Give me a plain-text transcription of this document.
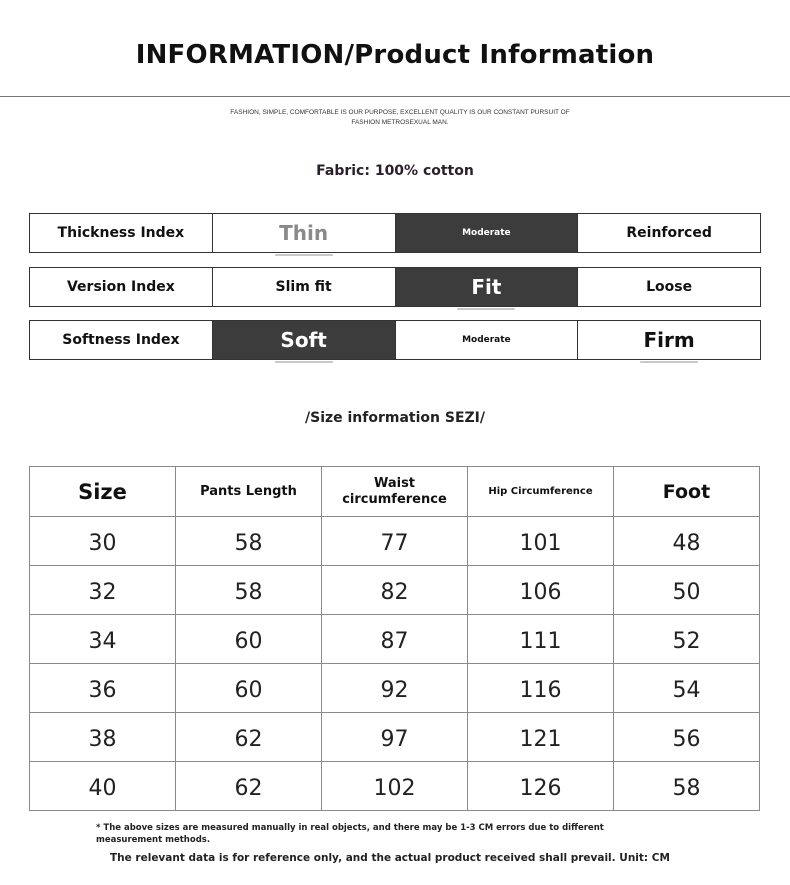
INFORMATION/Product Information
FASHION, SIMPLE, COMFORTABLE IS OUR PURPOSE, EXCELLENT QUALITY IS OUR CONSTANT PURSUIT OF FASHION METROSEXUAL MAN.
Fabric: 100% cotton
Thickness Index	Thin	Moderate	Reinforced
Version Index	Slim fit	Fit	Loose
Softness Index	Soft	Moderate	Firm
/Size information SEZI/
Size	Pants Length	Waist circumference	Hip Circumference	Foot
30	58	77	101	48
32	58	82	106	50
34	60	87	111	52
36	60	92	116	54
38	62	97	121	56
40	62	102	126	58
* The above sizes are measured manually in real objects, and there may be 1-3 CM errors due to different measurement methods.
The relevant data is for reference only, and the actual product received shall prevail. Unit: CM
